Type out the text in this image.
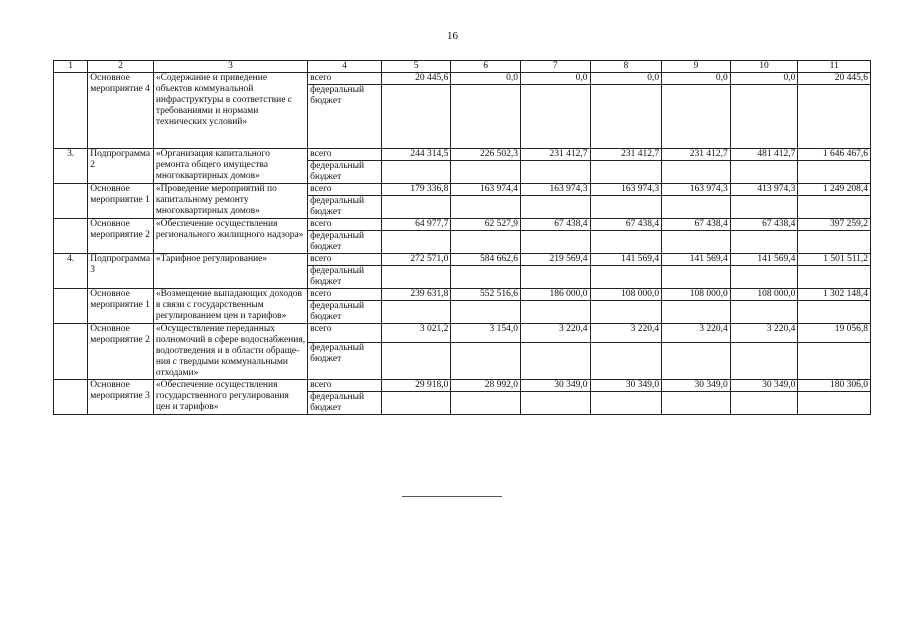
16
1	2	3	4	5	6	7	8	9	10	11
	Основное мероприятие 4	«Содержание и приведение объектов коммунальной инфраструктуры в соответствие с требованиями и нормами технических условий»	всего	20 445,6	0,0	0,0	0,0	0,0	0,0	20 445,6
			федеральный бюджет							
3.	Подпрограмма 2	«Организация капитального ремонта общего имущества многоквартирных домов»	всего	244 314,5	226 502,3	231 412,7	231 412,7	231 412,7	481 412,7	1 646 467,6
			федеральный бюджет							
	Основное мероприятие 1	«Проведение мероприятий по капитальному ремонту многоквартирных домов»	всего	179 336,8	163 974,4	163 974,3	163 974,3	163 974,3	413 974,3	1 249 208,4
			федеральный бюджет							
	Основное мероприятие 2	«Обеспечение осуществления регионального жилищного надзора»	всего	64 977,7	62 527,9	67 438,4	67 438,4	67 438,4	67 438,4	397 259,2
			федеральный бюджет							
4.	Подпрограмма 3	«Тарифное регулирование»	всего	272 571,0	584 662,6	219 569,4	141 569,4	141 569,4	141 569,4	1 501 511,2
			федеральный бюджет							
	Основное мероприятие 1	«Возмещение выпадающих доходов в связи с государственным регулированием цен и тарифов»	всего	239 631,8	552 516,6	186 000,0	108 000,0	108 000,0	108 000,0	1 302 148,4
			федеральный бюджет							
	Основное мероприятие 2	«Осуществление переданных полномочий в сфере водоснабжения, водоотведения и в области обращения с твердыми коммунальными отходами»	всего	3 021,2	3 154,0	3 220,4	3 220,4	3 220,4	3 220,4	19 056,8
			федеральный бюджет							
	Основное мероприятие 3	«Обеспечение осуществления государственного регулирования цен и тарифов»	всего	29 918,0	28 992,0	30 349,0	30 349,0	30 349,0	30 349,0	180 306,0
			федеральный бюджет							
